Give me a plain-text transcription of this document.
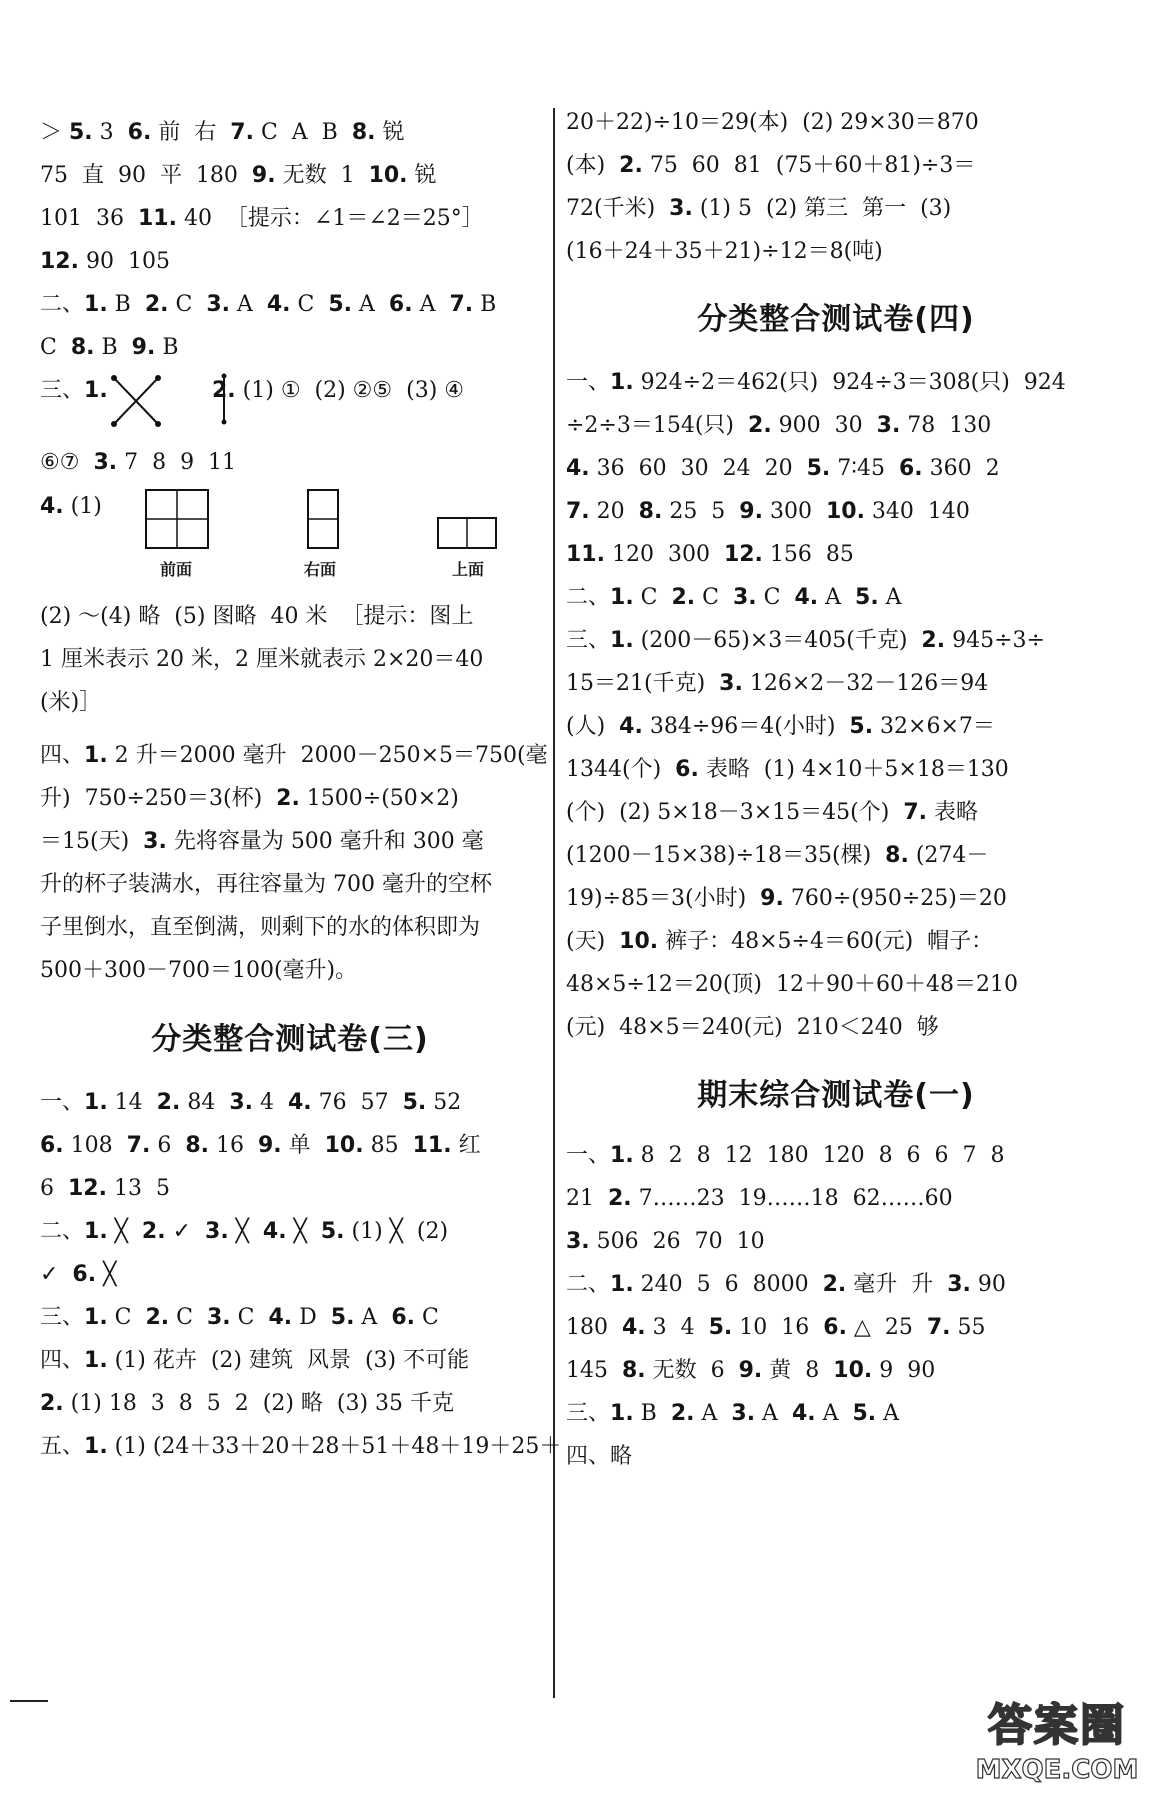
＞ 5. 3  6. 前  右  7. C  A  B  8. 锐
75  直  90  平  180  9. 无数  1  10. 锐
101  36  11. 40  ［提示：∠1＝∠2＝25°］
12. 90  105
二、1. B  2. C  3. A  4. C  5. A  6. A  7. B
C  8. B  9. B
三、1.	2. (1) ①  (2) ②⑤  (3) ④
⑥⑦  3. 7  8  9  11
4. (1)
前面	右面	上面
(2) ～(4) 略  (5) 图略  40 米  ［提示：图上
1 厘米表示 20 米，2 厘米就表示 2×20＝40
(米)］
四、1. 2 升＝2000 毫升  2000－250×5＝750(毫
升)  750÷250＝3(杯)  2. 1500÷(50×2)
＝15(天)  3. 先将容量为 500 毫升和 300 毫
升的杯子装满水，再往容量为 700 毫升的空杯
子里倒水，直至倒满，则剩下的水的体积即为
500＋300－700＝100(毫升)。
分类整合测试卷(三)
一、1. 14  2. 84  3. 4  4. 76  57  5. 52
6. 108  7. 6  8. 16  9. 单  10. 85  11. 红
6  12. 13  5
二、1. ╳  2. ✓  3. ╳  4. ╳  5. (1) ╳  (2)
✓  6. ╳
三、1. C  2. C  3. C  4. D  5. A  6. C
四、1. (1) 花卉  (2) 建筑  风景  (3) 不可能
2. (1) 18  3  8  5  2  (2) 略  (3) 35 千克
五、1. (1) (24＋33＋20＋28＋51＋48＋19＋25＋
20＋22)÷10＝29(本)  (2) 29×30＝870
(本)  2. 75  60  81  (75＋60＋81)÷3＝
72(千米)  3. (1) 5  (2) 第三  第一  (3)
(16＋24＋35＋21)÷12＝8(吨)
分类整合测试卷(四)
一、1. 924÷2＝462(只)  924÷3＝308(只)  924
÷2÷3＝154(只)  2. 900  30  3. 78  130
4. 36  60  30  24  20  5. 7∶45  6. 360  2
7. 20  8. 25  5  9. 300  10. 340  140
11. 120  300  12. 156  85
二、1. C  2. C  3. C  4. A  5. A
三、1. (200－65)×3＝405(千克)  2. 945÷3÷
15＝21(千克)  3. 126×2－32－126＝94
(人)  4. 384÷96＝4(小时)  5. 32×6×7＝
1344(个)  6. 表略  (1) 4×10＋5×18＝130
(个)  (2) 5×18－3×15＝45(个)  7. 表略
(1200－15×38)÷18＝35(棵)  8. (274－
19)÷85＝3(小时)  9. 760÷(950÷25)＝20
(天)  10. 裤子：48×5÷4＝60(元)  帽子：
48×5÷12＝20(顶)  12＋90＋60＋48＝210
(元)  48×5＝240(元)  210＜240  够
期末综合测试卷(一)
一、1. 8  2  8  12  180  120  8  6  6  7  8
21  2. 7……23  19……18  62……60
3. 506  26  70  10
二、1. 240  5  6  8000  2. 毫升  升  3. 90
180  4. 3  4  5. 10  16  6. △  25  7. 55
145  8. 无数  6  9. 黄  8  10. 9  90
三、1. B  2. A  3. A  4. A  5. A
四、略
答案圈
MXQE.COM
